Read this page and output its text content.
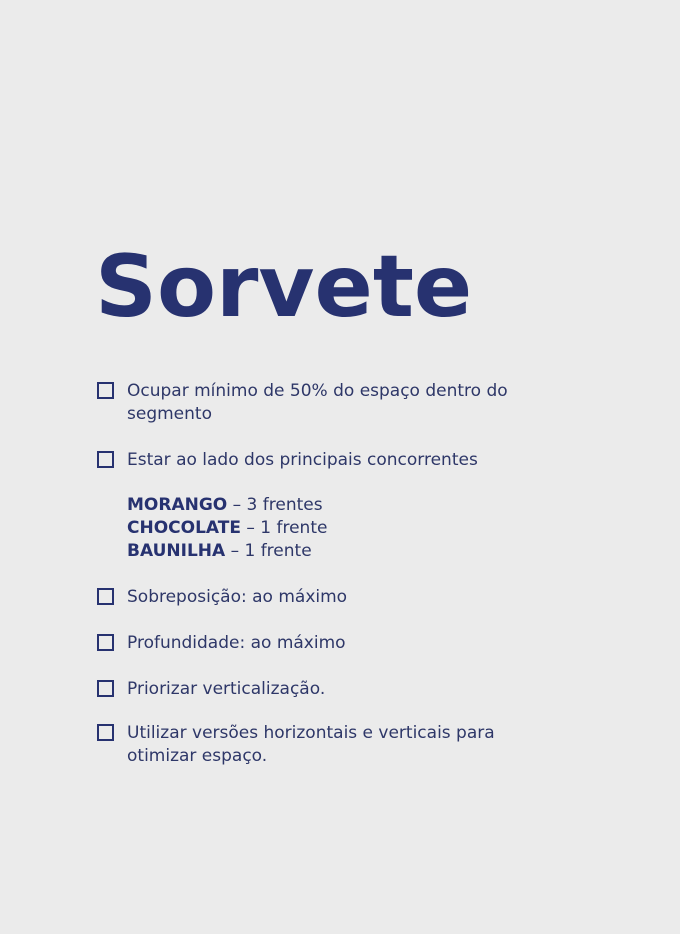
Sorvete
Ocupar mínimo de 50% do espaço dentro do segmento
Estar ao lado dos principais concorrentes
MORANGO – 3 frentes
CHOCOLATE – 1 frente
BAUNILHA – 1 frente
Sobreposição: ao máximo
Profundidade: ao máximo
Priorizar verticalização.
Utilizar versões horizontais e verticais para otimizar espaço.
